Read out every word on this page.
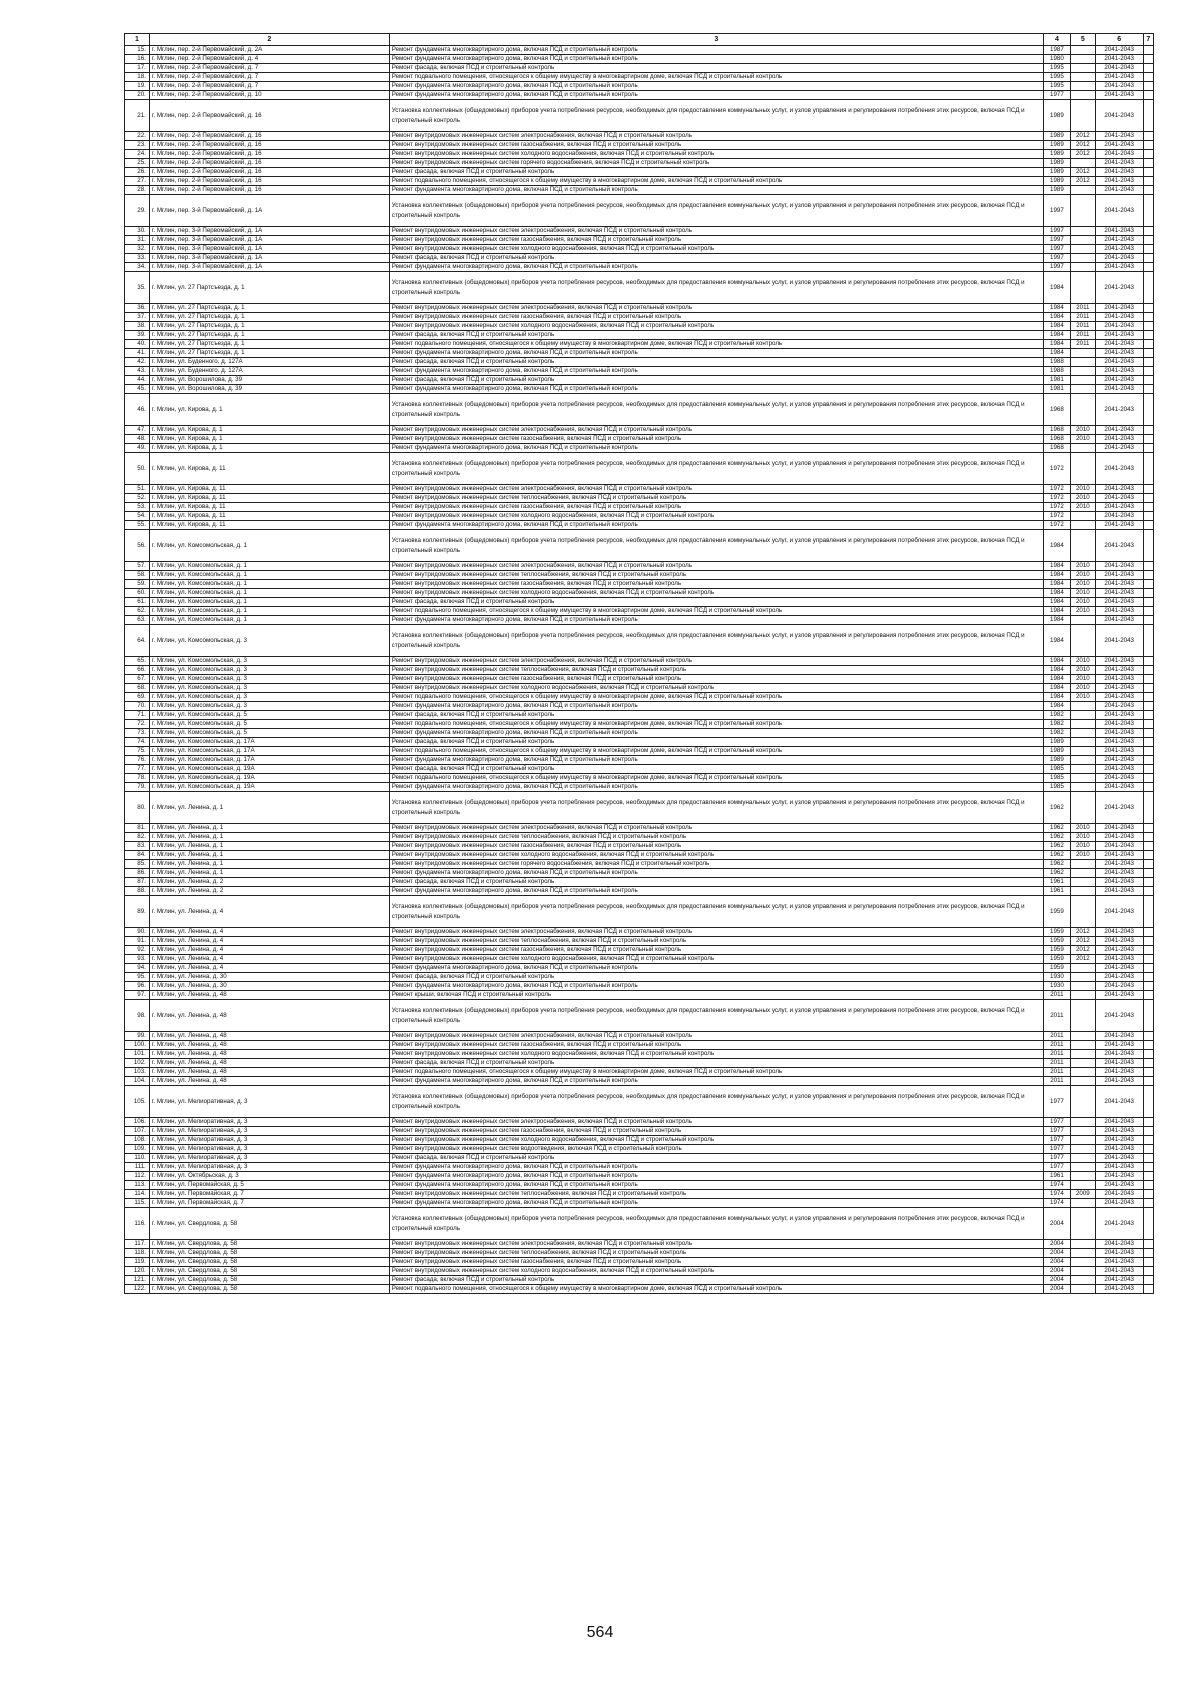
1	2	3	4	5	6	7
15.	г. Мглин, пер. 2-й Первомайский, д. 2А	Ремонт фундамента многоквартирного дома, включая ПСД и строительный контроль	1987		2041-2043	
16.	г. Мглин, пер. 2-й Первомайский, д. 4	Ремонт фундамента многоквартирного дома, включая ПСД и строительный контроль	1980		2041-2043	
17.	г. Мглин, пер. 2-й Первомайский, д. 7	Ремонт фасада, включая ПСД и строительный контроль	1995		2041-2043	
18.	г. Мглин, пер. 2-й Первомайский, д. 7	Ремонт подвального помещения, относящегося к общему имуществу в многоквартирном доме, включая ПСД и строительный контроль	1995		2041-2043	
19.	г. Мглин, пер. 2-й Первомайский, д. 7	Ремонт фундамента многоквартирного дома, включая ПСД и строительный контроль	1995		2041-2043	
20.	г. Мглин, пер. 2-й Первомайский, д. 10	Ремонт фундамента многоквартирного дома, включая ПСД и строительный контроль	1977		2041-2043	
21.	г. Мглин, пер. 2-й Первомайский, д. 16	Установка коллективных (общедомовых) приборов учета потребления ресурсов, необходимых для предоставления коммунальных услуг, и узлов управления и регулирования потребления этих ресурсов, включая ПСД и строительный контроль	1989		2041-2043	
22.	г. Мглин, пер. 2-й Первомайский, д. 16	Ремонт внутридомовых инженерных систем электроснабжения, включая ПСД и строительный контроль	1989	2012	2041-2043	
23.	г. Мглин, пер. 2-й Первомайский, д. 16	Ремонт внутридомовых инженерных систем газоснабжения, включая ПСД и строительный контроль	1989	2012	2041-2043	
24.	г. Мглин, пер. 2-й Первомайский, д. 16	Ремонт внутридомовых инженерных систем холодного водоснабжения, включая ПСД и строительный контроль	1989	2012	2041-2043	
25.	г. Мглин, пер. 2-й Первомайский, д. 16	Ремонт внутридомовых инженерных систем горячего водоснабжения, включая ПСД и строительный контроль	1989		2041-2043	
26.	г. Мглин, пер. 2-й Первомайский, д. 16	Ремонт фасада, включая ПСД и строительный контроль	1989	2012	2041-2043	
27.	г. Мглин, пер. 2-й Первомайский, д. 16	Ремонт подвального помещения, относящегося к общему имуществу в многоквартирном доме, включая ПСД и строительный контроль	1989	2012	2041-2043	
28.	г. Мглин, пер. 2-й Первомайский, д. 16	Ремонт фундамента многоквартирного дома, включая ПСД и строительный контроль	1989		2041-2043	
29.	г. Мглин, пер. 3-й Первомайский, д. 1А	Установка коллективных (общедомовых) приборов учета потребления ресурсов, необходимых для предоставления коммунальных услуг, и узлов управления и регулирования потребления этих ресурсов, включая ПСД и строительный контроль	1997		2041-2043	
30.	г. Мглин, пер. 3-й Первомайский, д. 1А	Ремонт внутридомовых инженерных систем электроснабжения, включая ПСД и строительный контроль	1997		2041-2043	
31.	г. Мглин, пер. 3-й Первомайский, д. 1А	Ремонт внутридомовых инженерных систем газоснабжения, включая ПСД и строительный контроль	1997		2041-2043	
32.	г. Мглин, пер. 3-й Первомайский, д. 1А	Ремонт внутридомовых инженерных систем холодного водоснабжения, включая ПСД и строительный контроль	1997		2041-2043	
33.	г. Мглин, пер. 3-й Первомайский, д. 1А	Ремонт фасада, включая ПСД и строительный контроль	1997		2041-2043	
34.	г. Мглин, пер. 3-й Первомайский, д. 1А	Ремонт фундамента многоквартирного дома, включая ПСД и строительный контроль	1997		2041-2043	
35.	г. Мглин, ул. 27 Партсъезда, д. 1	Установка коллективных (общедомовых) приборов учета потребления ресурсов, необходимых для предоставления коммунальных услуг, и узлов управления и регулирования потребления этих ресурсов, включая ПСД и строительный контроль	1984		2041-2043	
36.	г. Мглин, ул. 27 Партсъезда, д. 1	Ремонт внутридомовых инженерных систем электроснабжения, включая ПСД и строительный контроль	1984	2011	2041-2043	
37.	г. Мглин, ул. 27 Партсъезда, д. 1	Ремонт внутридомовых инженерных систем газоснабжения, включая ПСД и строительный контроль	1984	2011	2041-2043	
38.	г. Мглин, ул. 27 Партсъезда, д. 1	Ремонт внутридомовых инженерных систем холодного водоснабжения, включая ПСД и строительный контроль	1984	2011	2041-2043	
39.	г. Мглин, ул. 27 Партсъезда, д. 1	Ремонт фасада, включая ПСД и строительный контроль	1984	2011	2041-2043	
40.	г. Мглин, ул. 27 Партсъезда, д. 1	Ремонт подвального помещения, относящегося к общему имуществу в многоквартирном доме, включая ПСД и строительный контроль	1984	2011	2041-2043	
41.	г. Мглин, ул. 27 Партсъезда, д. 1	Ремонт фундамента многоквартирного дома, включая ПСД и строительный контроль	1984		2041-2043	
42.	г. Мглин, ул. Буденного, д. 127А	Ремонт фасада, включая ПСД и строительный контроль	1988		2041-2043	
43.	г. Мглин, ул. Буденного, д. 127А	Ремонт фундамента многоквартирного дома, включая ПСД и строительный контроль	1988		2041-2043	
44.	г. Мглин, ул. Ворошилова, д. 39	Ремонт фасада, включая ПСД и строительный контроль	1981		2041-2043	
45.	г. Мглин, ул. Ворошилова, д. 39	Ремонт фундамента многоквартирного дома, включая ПСД и строительный контроль	1981		2041-2043	
46.	г. Мглин, ул. Кирова, д. 1	Установка коллективных (общедомовых) приборов учета потребления ресурсов, необходимых для предоставления коммунальных услуг, и узлов управления и регулирования потребления этих ресурсов, включая ПСД и строительный контроль	1968		2041-2043	
47.	г. Мглин, ул. Кирова, д. 1	Ремонт внутридомовых инженерных систем электроснабжения, включая ПСД и строительный контроль	1968	2010	2041-2043	
48.	г. Мглин, ул. Кирова, д. 1	Ремонт внутридомовых инженерных систем газоснабжения, включая ПСД и строительный контроль	1968	2010	2041-2043	
49.	г. Мглин, ул. Кирова, д. 1	Ремонт фундамента многоквартирного дома, включая ПСД и строительный контроль	1968		2041-2043	
50.	г. Мглин, ул. Кирова, д. 11	Установка коллективных (общедомовых) приборов учета потребления ресурсов, необходимых для предоставления коммунальных услуг, и узлов управления и регулирования потребления этих ресурсов, включая ПСД и строительный контроль	1972		2041-2043	
51.	г. Мглин, ул. Кирова, д. 11	Ремонт внутридомовых инженерных систем электроснабжения, включая ПСД и строительный контроль	1972	2010	2041-2043	
52.	г. Мглин, ул. Кирова, д. 11	Ремонт внутридомовых инженерных систем теплоснабжения, включая ПСД и строительный контроль	1972	2010	2041-2043	
53.	г. Мглин, ул. Кирова, д. 11	Ремонт внутридомовых инженерных систем газоснабжения, включая ПСД и строительный контроль	1972	2010	2041-2043	
54.	г. Мглин, ул. Кирова, д. 11	Ремонт внутридомовых инженерных систем холодного водоснабжения, включая ПСД и строительный контроль	1972		2041-2043	
55.	г. Мглин, ул. Кирова, д. 11	Ремонт фундамента многоквартирного дома, включая ПСД и строительный контроль	1972		2041-2043	
56.	г. Мглин, ул. Комсомольская, д. 1	Установка коллективных (общедомовых) приборов учета потребления ресурсов, необходимых для предоставления коммунальных услуг, и узлов управления и регулирования потребления этих ресурсов, включая ПСД и строительный контроль	1984		2041-2043	
57.	г. Мглин, ул. Комсомольская, д. 1	Ремонт внутридомовых инженерных систем электроснабжения, включая ПСД и строительный контроль	1984	2010	2041-2043	
58.	г. Мглин, ул. Комсомольская, д. 1	Ремонт внутридомовых инженерных систем теплоснабжения, включая ПСД и строительный контроль	1984	2010	2041-2043	
59.	г. Мглин, ул. Комсомольская, д. 1	Ремонт внутридомовых инженерных систем газоснабжения, включая ПСД и строительный контроль	1984	2010	2041-2043	
60.	г. Мглин, ул. Комсомольская, д. 1	Ремонт внутридомовых инженерных систем холодного водоснабжения, включая ПСД и строительный контроль	1984	2010	2041-2043	
61.	г. Мглин, ул. Комсомольская, д. 1	Ремонт фасада, включая ПСД и строительный контроль	1984	2010	2041-2043	
62.	г. Мглин, ул. Комсомольская, д. 1	Ремонт подвального помещения, относящегося к общему имуществу в многоквартирном доме, включая ПСД и строительный контроль	1984	2010	2041-2043	
63.	г. Мглин, ул. Комсомольская, д. 1	Ремонт фундамента многоквартирного дома, включая ПСД и строительный контроль	1984		2041-2043	
64.	г. Мглин, ул. Комсомольская, д. 3	Установка коллективных (общедомовых) приборов учета потребления ресурсов, необходимых для предоставления коммунальных услуг, и узлов управления и регулирования потребления этих ресурсов, включая ПСД и строительный контроль	1984		2041-2043	
65.	г. Мглин, ул. Комсомольская, д. 3	Ремонт внутридомовых инженерных систем электроснабжения, включая ПСД и строительный контроль	1984	2010	2041-2043	
66.	г. Мглин, ул. Комсомольская, д. 3	Ремонт внутридомовых инженерных систем теплоснабжения, включая ПСД и строительный контроль	1984	2010	2041-2043	
67.	г. Мглин, ул. Комсомольская, д. 3	Ремонт внутридомовых инженерных систем газоснабжения, включая ПСД и строительный контроль	1984	2010	2041-2043	
68.	г. Мглин, ул. Комсомольская, д. 3	Ремонт внутридомовых инженерных систем холодного водоснабжения, включая ПСД и строительный контроль	1984	2010	2041-2043	
69.	г. Мглин, ул. Комсомольская, д. 3	Ремонт подвального помещения, относящегося к общему имуществу в многоквартирном доме, включая ПСД и строительный контроль	1984	2010	2041-2043	
70.	г. Мглин, ул. Комсомольская, д. 3	Ремонт фундамента многоквартирного дома, включая ПСД и строительный контроль	1984		2041-2043	
71.	г. Мглин, ул. Комсомольская, д. 5	Ремонт фасада, включая ПСД и строительный контроль	1982		2041-2043	
72.	г. Мглин, ул. Комсомольская, д. 5	Ремонт подвального помещения, относящегося к общему имуществу в многоквартирном доме, включая ПСД и строительный контроль	1982		2041-2043	
73.	г. Мглин, ул. Комсомольская, д. 5	Ремонт фундамента многоквартирного дома, включая ПСД и строительный контроль	1982		2041-2043	
74.	г. Мглин, ул. Комсомольская, д. 17А	Ремонт фасада, включая ПСД и строительный контроль	1989		2041-2043	
75.	г. Мглин, ул. Комсомольская, д. 17А	Ремонт подвального помещения, относящегося к общему имуществу в многоквартирном доме, включая ПСД и строительный контроль	1989		2041-2043	
76.	г. Мглин, ул. Комсомольская, д. 17А	Ремонт фундамента многоквартирного дома, включая ПСД и строительный контроль	1989		2041-2043	
77.	г. Мглин, ул. Комсомольская, д. 19А	Ремонт фасада, включая ПСД и строительный контроль	1985		2041-2043	
78.	г. Мглин, ул. Комсомольская, д. 19А	Ремонт подвального помещения, относящегося к общему имуществу в многоквартирном доме, включая ПСД и строительный контроль	1985		2041-2043	
79.	г. Мглин, ул. Комсомольская, д. 19А	Ремонт фундамента многоквартирного дома, включая ПСД и строительный контроль	1985		2041-2043	
80.	г. Мглин, ул. Ленина, д. 1	Установка коллективных (общедомовых) приборов учета потребления ресурсов, необходимых для предоставления коммунальных услуг, и узлов управления и регулирования потребления этих ресурсов, включая ПСД и строительный контроль	1962		2041-2043	
81.	г. Мглин, ул. Ленина, д. 1	Ремонт внутридомовых инженерных систем электроснабжения, включая ПСД и строительный контроль	1962	2010	2041-2043	
82.	г. Мглин, ул. Ленина, д. 1	Ремонт внутридомовых инженерных систем теплоснабжения, включая ПСД и строительный контроль	1962	2010	2041-2043	
83.	г. Мглин, ул. Ленина, д. 1	Ремонт внутридомовых инженерных систем газоснабжения, включая ПСД и строительный контроль	1962	2010	2041-2043	
84.	г. Мглин, ул. Ленина, д. 1	Ремонт внутридомовых инженерных систем холодного водоснабжения, включая ПСД и строительный контроль	1962	2010	2041-2043	
85.	г. Мглин, ул. Ленина, д. 1	Ремонт внутридомовых инженерных систем горячего водоснабжения, включая ПСД и строительный контроль	1962		2041-2043	
86.	г. Мглин, ул. Ленина, д. 1	Ремонт фундамента многоквартирного дома, включая ПСД и строительный контроль	1962		2041-2043	
87.	г. Мглин, ул. Ленина, д. 2	Ремонт фасада, включая ПСД и строительный контроль	1961		2041-2043	
88.	г. Мглин, ул. Ленина, д. 2	Ремонт фундамента многоквартирного дома, включая ПСД и строительный контроль	1961		2041-2043	
89.	г. Мглин, ул. Ленина, д. 4	Установка коллективных (общедомовых) приборов учета потребления ресурсов, необходимых для предоставления коммунальных услуг, и узлов управления и регулирования потребления этих ресурсов, включая ПСД и строительный контроль	1959		2041-2043	
90.	г. Мглин, ул. Ленина, д. 4	Ремонт внутридомовых инженерных систем электроснабжения, включая ПСД и строительный контроль	1959	2012	2041-2043	
91.	г. Мглин, ул. Ленина, д. 4	Ремонт внутридомовых инженерных систем теплоснабжения, включая ПСД и строительный контроль	1959	2012	2041-2043	
92.	г. Мглин, ул. Ленина, д. 4	Ремонт внутридомовых инженерных систем газоснабжения, включая ПСД и строительный контроль	1959	2012	2041-2043	
93.	г. Мглин, ул. Ленина, д. 4	Ремонт внутридомовых инженерных систем холодного водоснабжения, включая ПСД и строительный контроль	1959	2012	2041-2043	
94.	г. Мглин, ул. Ленина, д. 4	Ремонт фундамента многоквартирного дома, включая ПСД и строительный контроль	1959		2041-2043	
95.	г. Мглин, ул. Ленина, д. 30	Ремонт фасада, включая ПСД и строительный контроль	1930		2041-2043	
96.	г. Мглин, ул. Ленина, д. 30	Ремонт фундамента многоквартирного дома, включая ПСД и строительный контроль	1930		2041-2043	
97.	г. Мглин, ул. Ленина, д. 48	Ремонт крыши, включая ПСД и строительный контроль	2011		2041-2043	
98.	г. Мглин, ул. Ленина, д. 48	Установка коллективных (общедомовых) приборов учета потребления ресурсов, необходимых для предоставления коммунальных услуг, и узлов управления и регулирования потребления этих ресурсов, включая ПСД и строительный контроль	2011		2041-2043	
99.	г. Мглин, ул. Ленина, д. 48	Ремонт внутридомовых инженерных систем электроснабжения, включая ПСД и строительный контроль	2011		2041-2043	
100.	г. Мглин, ул. Ленина, д. 48	Ремонт внутридомовых инженерных систем газоснабжения, включая ПСД и строительный контроль	2011		2041-2043	
101.	г. Мглин, ул. Ленина, д. 48	Ремонт внутридомовых инженерных систем холодного водоснабжения, включая ПСД и строительный контроль	2011		2041-2043	
102.	г. Мглин, ул. Ленина, д. 48	Ремонт фасада, включая ПСД и строительный контроль	2011		2041-2043	
103.	г. Мглин, ул. Ленина, д. 48	Ремонт подвального помещения, относящегося к общему имуществу в многоквартирном доме, включая ПСД и строительный контроль	2011		2041-2043	
104.	г. Мглин, ул. Ленина, д. 48	Ремонт фундамента многоквартирного дома, включая ПСД и строительный контроль	2011		2041-2043	
105.	г. Мглин, ул. Мелиоративная, д. 3	Установка коллективных (общедомовых) приборов учета потребления ресурсов, необходимых для предоставления коммунальных услуг, и узлов управления и регулирования потребления этих ресурсов, включая ПСД и строительный контроль	1977		2041-2043	
106.	г. Мглин, ул. Мелиоративная, д. 3	Ремонт внутридомовых инженерных систем электроснабжения, включая ПСД и строительный контроль	1977		2041-2043	
107.	г. Мглин, ул. Мелиоративная, д. 3	Ремонт внутридомовых инженерных систем газоснабжения, включая ПСД и строительный контроль	1977		2041-2043	
108.	г. Мглин, ул. Мелиоративная, д. 3	Ремонт внутридомовых инженерных систем холодного водоснабжения, включая ПСД и строительный контроль	1977		2041-2043	
109.	г. Мглин, ул. Мелиоративная, д. 3	Ремонт внутридомовых инженерных систем водоотведения, включая ПСД и строительный контроль	1977		2041-2043	
110.	г. Мглин, ул. Мелиоративная, д. 3	Ремонт фасада, включая ПСД и строительный контроль	1977		2041-2043	
111.	г. Мглин, ул. Мелиоративная, д. 3	Ремонт фундамента многоквартирного дома, включая ПСД и строительный контроль	1977		2041-2043	
112.	г. Мглин, ул. Октябрьская, д. 3	Ремонт фундамента многоквартирного дома, включая ПСД и строительный контроль	1961		2041-2043	
113.	г. Мглин, ул. Первомайская, д. 5	Ремонт фундамента многоквартирного дома, включая ПСД и строительный контроль	1974		2041-2043	
114.	г. Мглин, ул. Первомайская, д. 7	Ремонт внутридомовых инженерных систем теплоснабжения, включая ПСД и строительный контроль	1974	2009	2041-2043	
115.	г. Мглин, ул. Первомайская, д. 7	Ремонт фундамента многоквартирного дома, включая ПСД и строительный контроль	1974		2041-2043	
116.	г. Мглин, ул. Свердлова, д. 58	Установка коллективных (общедомовых) приборов учета потребления ресурсов, необходимых для предоставления коммунальных услуг, и узлов управления и регулирования потребления этих ресурсов, включая ПСД и строительный контроль	2004		2041-2043	
117.	г. Мглин, ул. Свердлова, д. 58	Ремонт внутридомовых инженерных систем электроснабжения, включая ПСД и строительный контроль	2004		2041-2043	
118.	г. Мглин, ул. Свердлова, д. 58	Ремонт внутридомовых инженерных систем теплоснабжения, включая ПСД и строительный контроль	2004		2041-2043	
119.	г. Мглин, ул. Свердлова, д. 58	Ремонт внутридомовых инженерных систем газоснабжения, включая ПСД и строительный контроль	2004		2041-2043	
120.	г. Мглин, ул. Свердлова, д. 58	Ремонт внутридомовых инженерных систем холодного водоснабжения, включая ПСД и строительный контроль	2004		2041-2043	
121.	г. Мглин, ул. Свердлова, д. 58	Ремонт фасада, включая ПСД и строительный контроль	2004		2041-2043	
122.	г. Мглин, ул. Свердлова, д. 58	Ремонт подвального помещения, относящегося к общему имуществу в многоквартирном доме, включая ПСД и строительный контроль	2004		2041-2043	
564
